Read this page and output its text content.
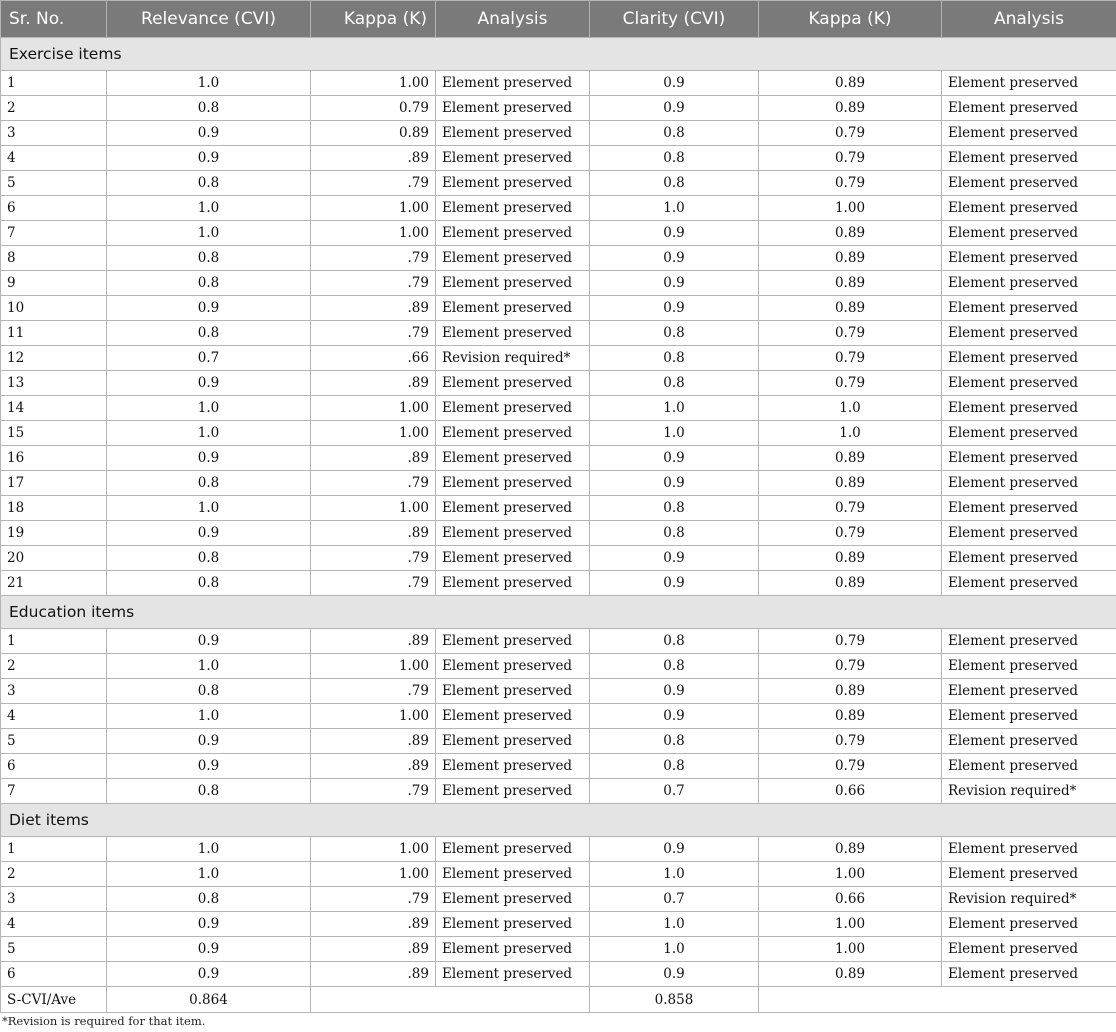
Sr. No.	Relevance (CVI)	Kappa (K)	Analysis	Clarity (CVI)	Kappa (K)	Analysis
Exercise items						
1	1.0	1.00	Element preserved	0.9	0.89	Element preserved
2	0.8	0.79	Element preserved	0.9	0.89	Element preserved
3	0.9	0.89	Element preserved	0.8	0.79	Element preserved
4	0.9	.89	Element preserved	0.8	0.79	Element preserved
5	0.8	.79	Element preserved	0.8	0.79	Element preserved
6	1.0	1.00	Element preserved	1.0	1.00	Element preserved
7	1.0	1.00	Element preserved	0.9	0.89	Element preserved
8	0.8	.79	Element preserved	0.9	0.89	Element preserved
9	0.8	.79	Element preserved	0.9	0.89	Element preserved
10	0.9	.89	Element preserved	0.9	0.89	Element preserved
11	0.8	.79	Element preserved	0.8	0.79	Element preserved
12	0.7	.66	Revision required*	0.8	0.79	Element preserved
13	0.9	.89	Element preserved	0.8	0.79	Element preserved
14	1.0	1.00	Element preserved	1.0	1.0	Element preserved
15	1.0	1.00	Element preserved	1.0	1.0	Element preserved
16	0.9	.89	Element preserved	0.9	0.89	Element preserved
17	0.8	.79	Element preserved	0.9	0.89	Element preserved
18	1.0	1.00	Element preserved	0.8	0.79	Element preserved
19	0.9	.89	Element preserved	0.8	0.79	Element preserved
20	0.8	.79	Element preserved	0.9	0.89	Element preserved
21	0.8	.79	Element preserved	0.9	0.89	Element preserved
Education items						
1	0.9	.89	Element preserved	0.8	0.79	Element preserved
2	1.0	1.00	Element preserved	0.8	0.79	Element preserved
3	0.8	.79	Element preserved	0.9	0.89	Element preserved
4	1.0	1.00	Element preserved	0.9	0.89	Element preserved
5	0.9	.89	Element preserved	0.8	0.79	Element preserved
6	0.9	.89	Element preserved	0.8	0.79	Element preserved
7	0.8	.79	Element preserved	0.7	0.66	Revision required*
Diet items						
1	1.0	1.00	Element preserved	0.9	0.89	Element preserved
2	1.0	1.00	Element preserved	1.0	1.00	Element preserved
3	0.8	.79	Element preserved	0.7	0.66	Revision required*
4	0.9	.89	Element preserved	1.0	1.00	Element preserved
5	0.9	.89	Element preserved	1.0	1.00	Element preserved
6	0.9	.89	Element preserved	0.9	0.89	Element preserved
S-CVI/Ave	0.864			0.858		
*Revision is required for that item.
